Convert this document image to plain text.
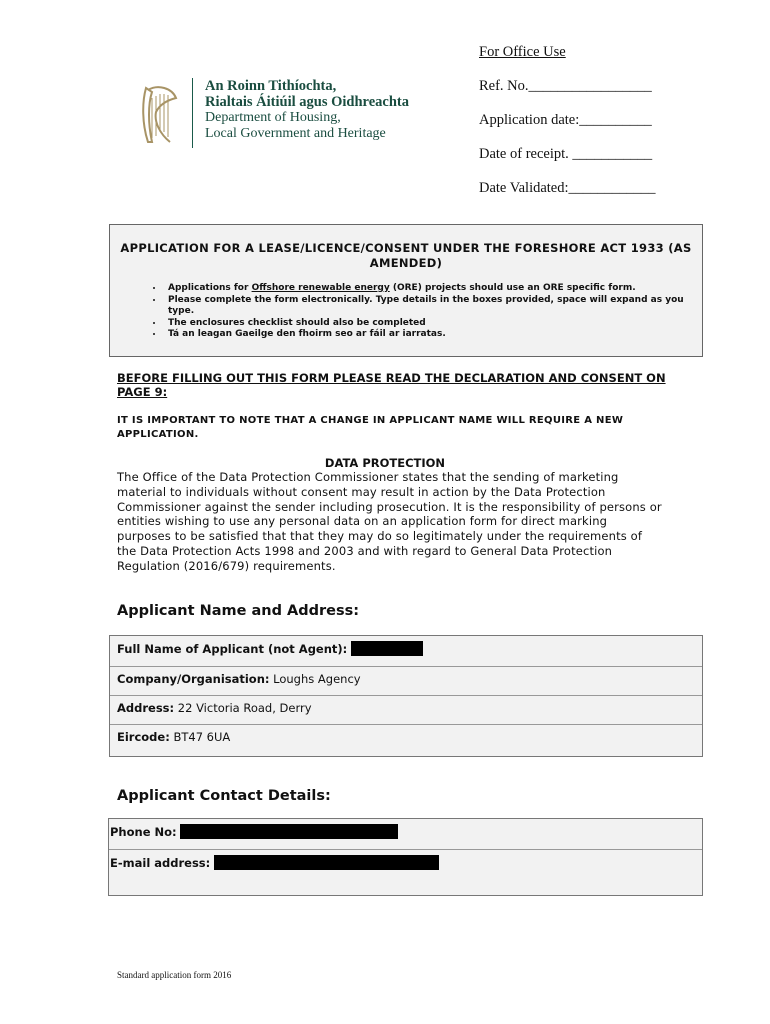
An Roinn Tithíochta,
Rialtais Áitiúil agus Oidhreachta
Department of Housing,
Local Government and Heritage
For Office Use
Ref. No._________________
Application date:__________
Date of receipt. ___________
Date Validated:____________
APPLICATION FOR A LEASE/LICENCE/CONSENT UNDER THE FORESHORE ACT 1933 (AS AMENDED)
• Applications for Offshore renewable energy (ORE) projects should use an ORE specific form.
• Please complete the form electronically. Type details in the boxes provided, space will expand as you type.
• The enclosures checklist should also be completed
• Tá an leagan Gaeilge den fhoirm seo ar fáil ar iarratas.
BEFORE FILLING OUT THIS FORM PLEASE READ THE DECLARATION AND CONSENT ON PAGE 9:
IT IS IMPORTANT TO NOTE THAT A CHANGE IN APPLICANT NAME WILL REQUIRE A NEW APPLICATION.
DATA PROTECTION
The Office of the Data Protection Commissioner states that the sending of marketing material to individuals without consent may result in action by the Data Protection Commissioner against the sender including prosecution. It is the responsibility of persons or entities wishing to use any personal data on an application form for direct marking purposes to be satisfied that that they may do so legitimately under the requirements of the Data Protection Acts 1998 and 2003 and with regard to General Data Protection Regulation (2016/679) requirements.
Applicant Name and Address:
Full Name of Applicant (not Agent):
Company/Organisation: Loughs Agency
Address: 22 Victoria Road, Derry
Eircode: BT47 6UA
Applicant Contact Details:
Phone No:
E-mail address:
Standard application form 2016
